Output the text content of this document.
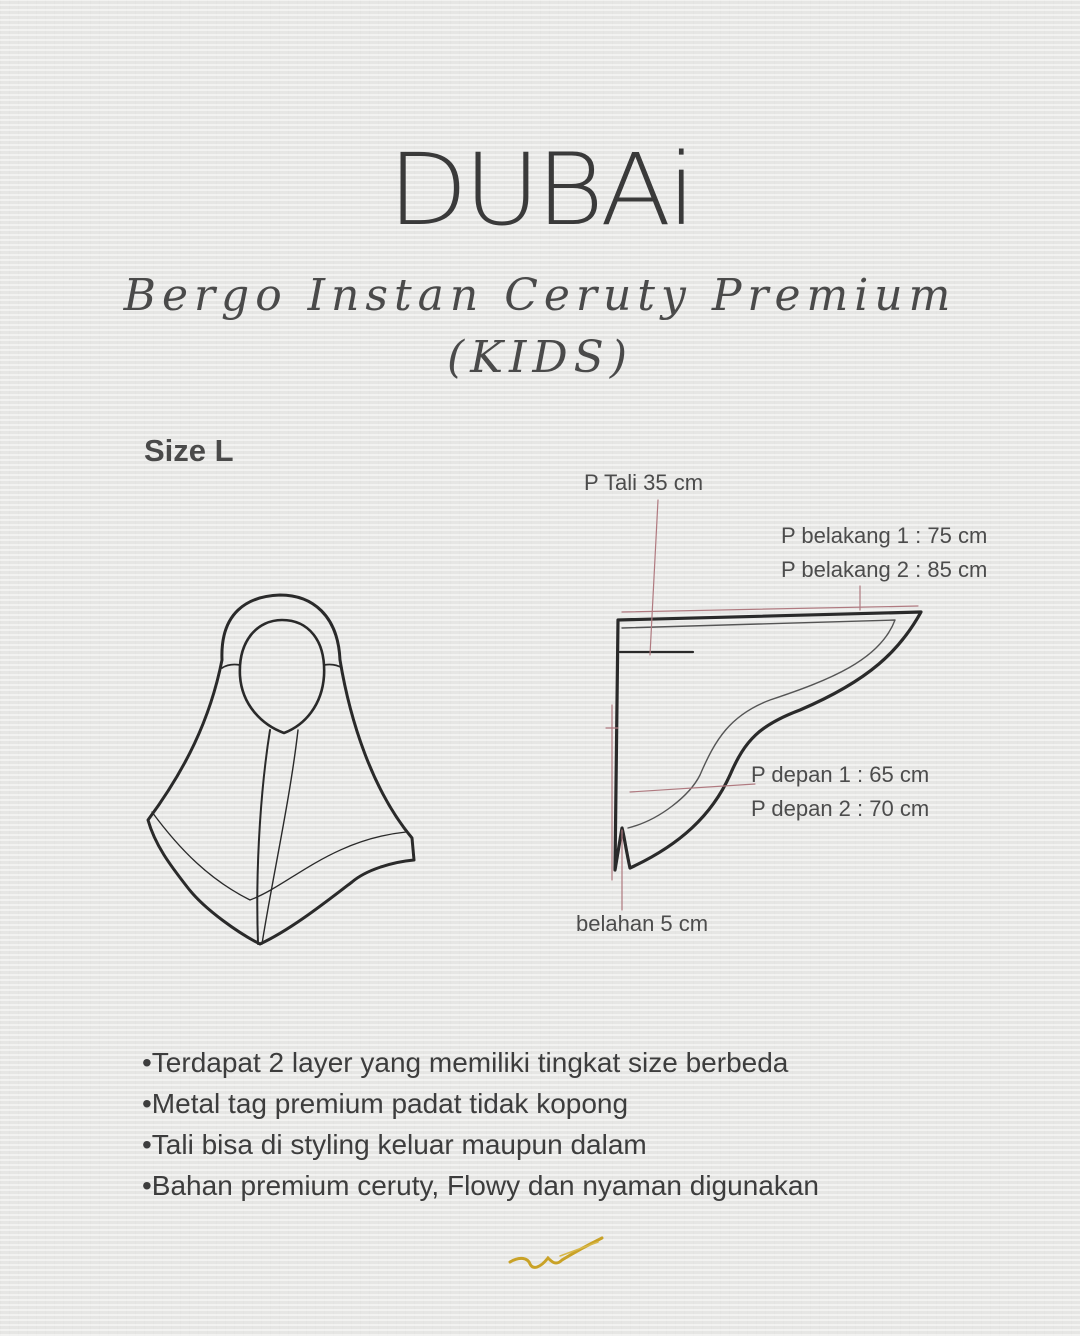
DUBAi
Bergo Instan Ceruty Premium
(KIDS)
Size L
P Tali 35 cm
P belakang 1 : 75 cm
P belakang 2 : 85 cm
P depan 1 : 65 cm
P depan 2 : 70 cm
belahan 5 cm
•Terdapat 2 layer yang memiliki tingkat size berbeda
•Metal tag premium padat tidak kopong
•Tali bisa di styling keluar maupun dalam
•Bahan premium ceruty, Flowy dan nyaman digunakan
